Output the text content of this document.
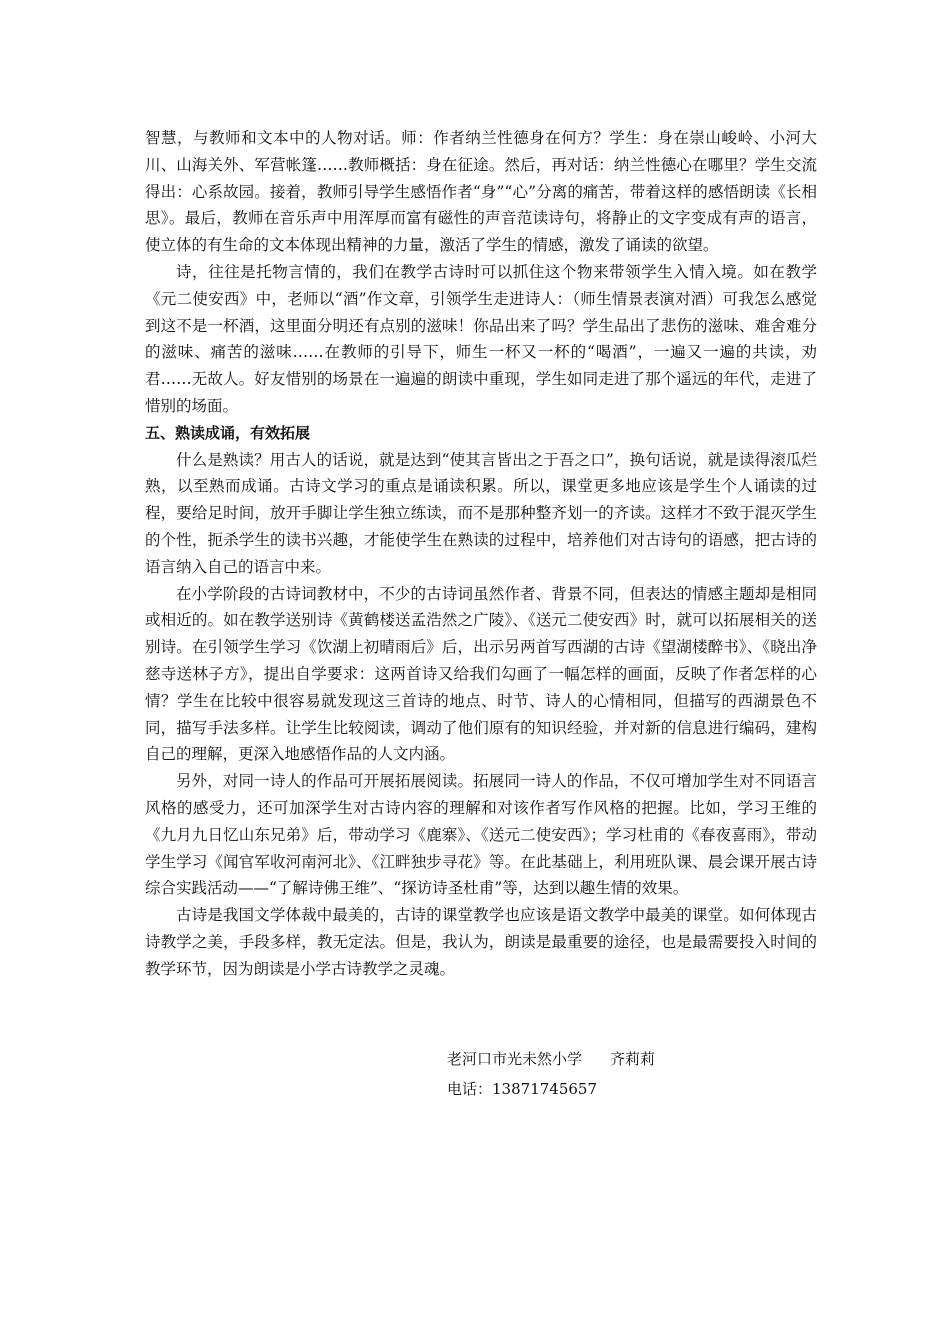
智慧，与教师和文本中的人物对话。师：作者纳兰性德身在何方？学生：身在崇山峻岭、小河大川、山海关外、军营帐篷……教师概括：身在征途。然后，再对话：纳兰性德心在哪里？学生交流得出：心系故园。接着，教师引导学生感悟作者“身”“心”分离的痛苦，带着这样的感悟朗读《长相思》。最后，教师在音乐声中用浑厚而富有磁性的声音范读诗句，将静止的文字变成有声的语言，使立体的有生命的文本体现出精神的力量，激活了学生的情感，激发了诵读的欲望。

诗，往往是托物言情的，我们在教学古诗时可以抓住这个物来带领学生入情入境。如在教学《元二使安西》中，老师以“酒”作文章，引领学生走进诗人：（师生情景表演对酒）可我怎么感觉到这不是一杯酒，这里面分明还有点别的滋味！你品出来了吗？学生品出了悲伤的滋味、难舍难分的滋味、痛苦的滋味……在教师的引导下，师生一杯又一杯的“喝酒”，一遍又一遍的共读，劝君……无故人。好友惜别的场景在一遍遍的朗读中重现，学生如同走进了那个遥远的年代，走进了惜别的场面。

五、熟读成诵，有效拓展

什么是熟读？用古人的话说，就是达到“使其言皆出之于吾之口”，换句话说，就是读得滚瓜烂熟，以至熟而成诵。古诗文学习的重点是诵读积累。所以，课堂更多地应该是学生个人诵读的过程，要给足时间，放开手脚让学生独立练读，而不是那种整齐划一的齐读。这样才不致于混灭学生的个性，扼杀学生的读书兴趣，才能使学生在熟读的过程中，培养他们对古诗句的语感，把古诗的语言纳入自己的语言中来。

在小学阶段的古诗词教材中，不少的古诗词虽然作者、背景不同，但表达的情感主题却是相同或相近的。如在教学送别诗《黄鹤楼送孟浩然之广陵》、《送元二使安西》时，就可以拓展相关的送别诗。在引领学生学习《饮湖上初晴雨后》后，出示另两首写西湖的古诗《望湖楼醉书》、《晓出净慈寺送林子方》，提出自学要求：这两首诗又给我们勾画了一幅怎样的画面，反映了作者怎样的心情？学生在比较中很容易就发现这三首诗的地点、时节、诗人的心情相同，但描写的西湖景色不同，描写手法多样。让学生比较阅读，调动了他们原有的知识经验，并对新的信息进行编码，建构自己的理解，更深入地感悟作品的人文内涵。

另外，对同一诗人的作品可开展拓展阅读。拓展同一诗人的作品，不仅可增加学生对不同语言风格的感受力，还可加深学生对古诗内容的理解和对该作者写作风格的把握。比如，学习王维的《九月九日忆山东兄弟》后，带动学习《鹿寨》、《送元二使安西》；学习杜甫的《春夜喜雨》，带动学生学习《闻官军收河南河北》、《江畔独步寻花》等。在此基础上，利用班队课、晨会课开展古诗综合实践活动——“了解诗佛王维”、“探访诗圣杜甫”等，达到以趣生情的效果。

古诗是我国文学体裁中最美的，古诗的课堂教学也应该是语文教学中最美的课堂。如何体现古诗教学之美，手段多样，教无定法。但是，我认为，朗读是最重要的途径，也是最需要投入时间的教学环节，因为朗读是小学古诗教学之灵魂。

老河口市光未然小学 齐莉莉
电话：13871745657
